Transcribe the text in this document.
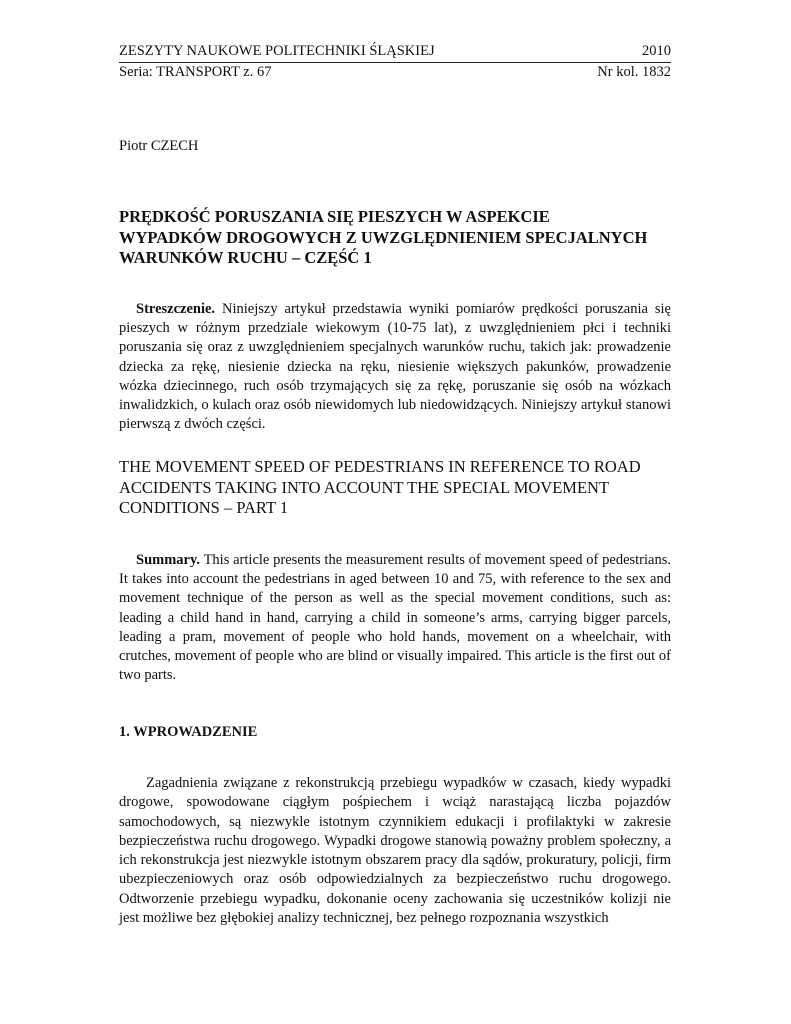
ZESZYTY NAUKOWE POLITECHNIKI ŚLĄSKIEJ	2010
Seria: TRANSPORT z. 67	Nr kol. 1832
Piotr CZECH
PRĘDKOŚĆ PORUSZANIA SIĘ PIESZYCH W ASPEKCIE
WYPADKÓW DROGOWYCH Z UWZGLĘDNIENIEM SPECJALNYCH
WARUNKÓW RUCHU – CZĘŚĆ 1

Streszczenie. Niniejszy artykuł przedstawia wyniki pomiarów prędkości poruszania się pieszych w różnym przedziale wiekowym (10-75 lat), z uwzględnieniem płci i techniki poruszania się oraz z uwzględnieniem specjalnych warunków ruchu, takich jak: prowadzenie dziecka za rękę, niesienie dziecka na ręku, niesienie większych pakunków, prowadzenie wózka dziecinnego, ruch osób trzymających się za rękę, poruszanie się osób na wózkach inwalidzkich, o kulach oraz osób niewidomych lub niedowidzących. Niniejszy artykuł stanowi pierwszą z dwóch części.

THE MOVEMENT SPEED OF PEDESTRIANS IN REFERENCE TO ROAD
ACCIDENTS TAKING INTO ACCOUNT THE SPECIAL MOVEMENT
CONDITIONS – PART 1

Summary. This article presents the measurement results of movement speed of pedestrians. It takes into account the pedestrians in aged between 10 and 75, with reference to the sex and movement technique of the person as well as the special movement conditions, such as: leading a child hand in hand, carrying a child in someone’s arms, carrying bigger parcels, leading a pram, movement of people who hold hands, movement on a wheelchair, with crutches, movement of people who are blind or visually impaired. This article is the first out of two parts.

1. WPROWADZENIE

Zagadnienia związane z rekonstrukcją przebiegu wypadków w czasach, kiedy wypadki drogowe, spowodowane ciągłym pośpiechem i wciąż narastającą liczba pojazdów samochodowych, są niezwykle istotnym czynnikiem edukacji i profilaktyki w zakresie bezpieczeństwa ruchu drogowego. Wypadki drogowe stanowią poważny problem społeczny, a ich rekonstrukcja jest niezwykle istotnym obszarem pracy dla sądów, prokuratury, policji, firm ubezpieczeniowych oraz osób odpowiedzialnych za bezpieczeństwo ruchu drogowego. Odtworzenie przebiegu wypadku, dokonanie oceny zachowania się uczestników kolizji nie jest możliwe bez głębokiej analizy technicznej, bez pełnego rozpoznania wszystkich
